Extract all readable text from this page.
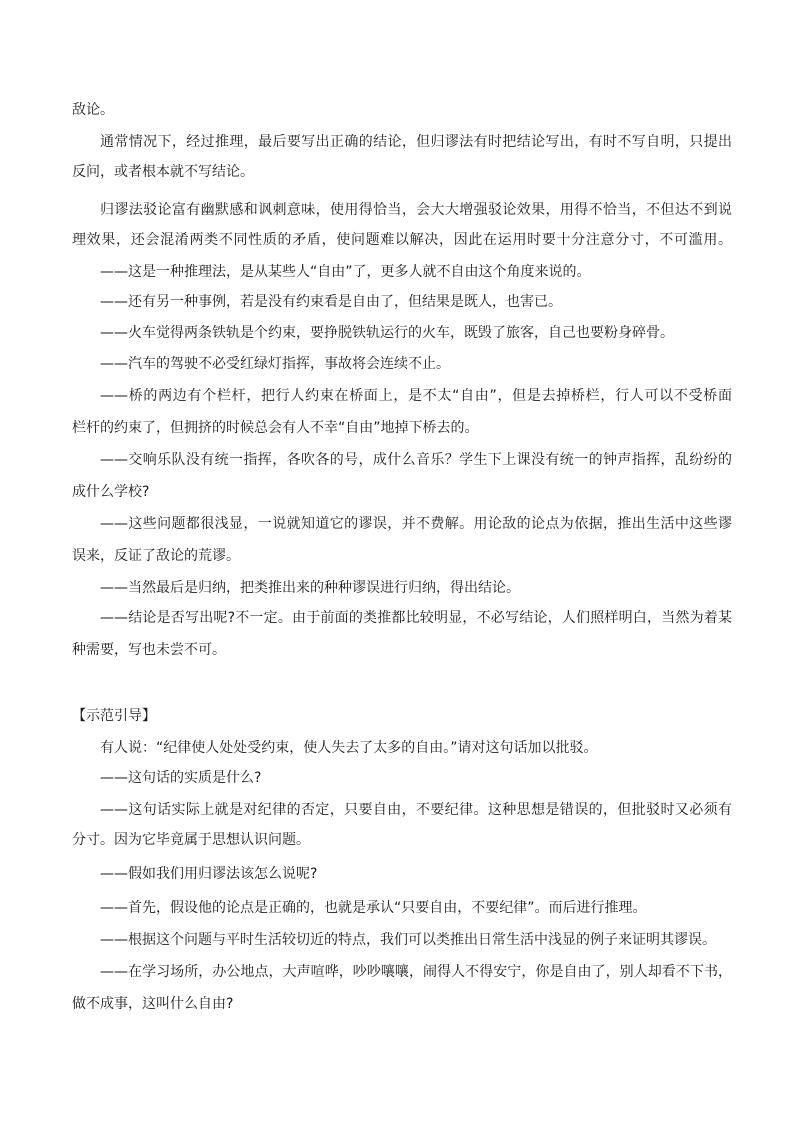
敌论。
通常情况下，经过推理，最后要写出正确的结论，但归谬法有时把结论写出，有时不写自明，只提出
反问，或者根本就不写结论。
归谬法驳论富有幽默感和讽刺意味，使用得恰当，会大大增强驳论效果，用得不恰当，不但达不到说
理效果，还会混淆两类不同性质的矛盾，使问题难以解决，因此在运用时要十分注意分寸，不可滥用。
——这是一种推理法，是从某些人“自由”了，更多人就不自由这个角度来说的。
——还有另一种事例，若是没有约束看是自由了，但结果是既人，也害已。
——火车觉得两条铁轨是个约束，要挣脱铁轨运行的火车，既毁了旅客，自己也要粉身碎骨。
——汽车的驾驶不必受红绿灯指挥，事故将会连续不止。
——桥的两边有个栏杆，把行人约束在桥面上，是不太“自由”，但是去掉桥栏，行人可以不受桥面
栏杆的约束了，但拥挤的时候总会有人不幸“自由”地掉下桥去的。
——交响乐队没有统一指挥，各吹各的号，成什么音乐？学生下上课没有统一的钟声指挥，乱纷纷的
成什么学校?
——这些问题都很浅显，一说就知道它的谬误，并不费解。用论敌的论点为依据，推出生活中这些谬
误来，反证了敌论的荒谬。
——当然最后是归纳，把类推出来的种种谬误进行归纳，得出结论。
——结论是否写出呢?不一定。由于前面的类推都比较明显，不必写结论，人们照样明白，当然为着某
种需要，写也未尝不可。
【示范引导】
有人说：“纪律使人处处受约束，使人失去了太多的自由。”请对这句话加以批驳。
——这句话的实质是什么?
——这句话实际上就是对纪律的否定，只要自由，不要纪律。这种思想是错误的，但批驳时又必须有
分寸。因为它毕竟属于思想认识问题。
——假如我们用归谬法该怎么说呢?
——首先，假设他的论点是正确的，也就是承认“只要自由，不要纪律”。而后进行推理。
——根据这个问题与平时生活较切近的特点，我们可以类推出日常生活中浅显的例子来证明其谬误。
——在学习场所，办公地点，大声喧哗，吵吵嚷嚷，闹得人不得安宁，你是自由了，别人却看不下书，
做不成事，这叫什么自由?
